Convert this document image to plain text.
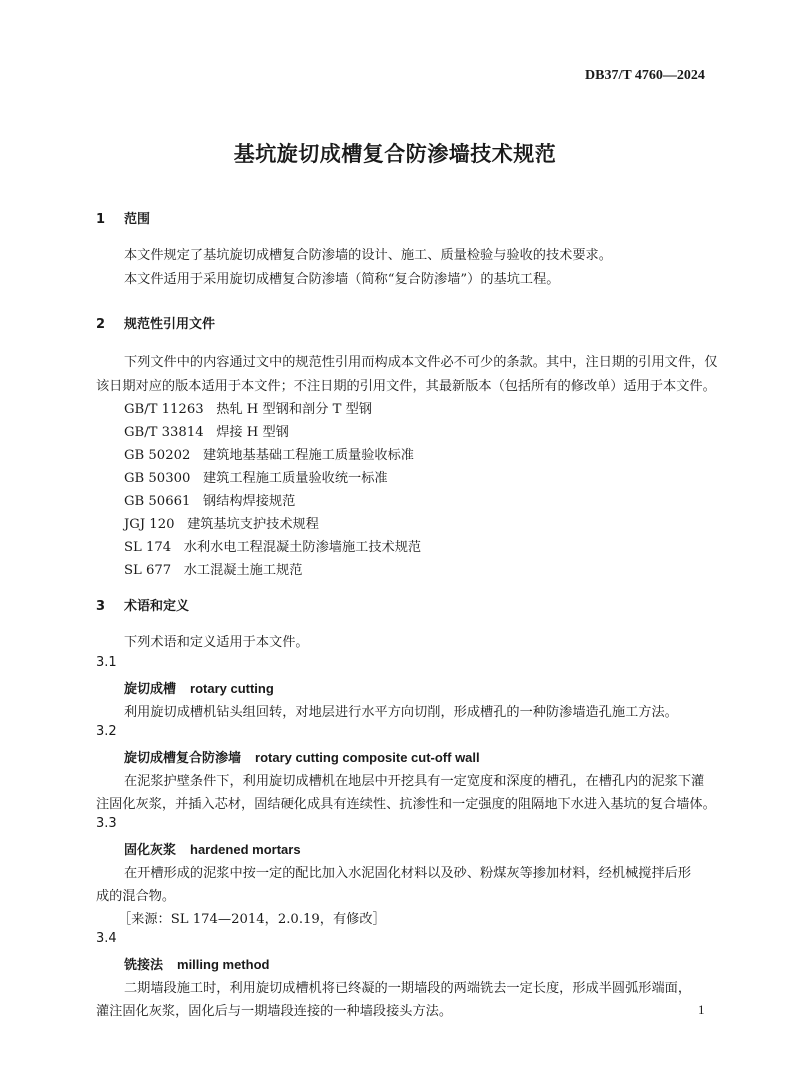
DB37/T 4760—2024
基坑旋切成槽复合防渗墙技术规范
1 范围
本文件规定了基坑旋切成槽复合防渗墙的设计、施工、质量检验与验收的技术要求。
本文件适用于采用旋切成槽复合防渗墙（简称“复合防渗墙”）的基坑工程。
2 规范性引用文件
下列文件中的内容通过文中的规范性引用而构成本文件必不可少的条款。其中，注日期的引用文件，仅
该日期对应的版本适用于本文件；不注日期的引用文件，其最新版本（包括所有的修改单）适用于本文件。
GB/T 11263 热轧 H 型钢和剖分 T 型钢
GB/T 33814 焊接 H 型钢
GB 50202 建筑地基基础工程施工质量验收标准
GB 50300 建筑工程施工质量验收统一标准
GB 50661 钢结构焊接规范
JGJ 120 建筑基坑支护技术规程
SL 174 水利水电工程混凝土防渗墙施工技术规范
SL 677 水工混凝土施工规范
3 术语和定义
下列术语和定义适用于本文件。
3.1
旋切成槽 rotary cutting
利用旋切成槽机钻头组回转，对地层进行水平方向切削，形成槽孔的一种防渗墙造孔施工方法。
3.2
旋切成槽复合防渗墙 rotary cutting composite cut-off wall
在泥浆护壁条件下，利用旋切成槽机在地层中开挖具有一定宽度和深度的槽孔，在槽孔内的泥浆下灌
注固化灰浆，并插入芯材，固结硬化成具有连续性、抗渗性和一定强度的阻隔地下水进入基坑的复合墙体。
3.3
固化灰浆 hardened mortars
在开槽形成的泥浆中按一定的配比加入水泥固化材料以及砂、粉煤灰等掺加材料，经机械搅拌后形
成的混合物。
［来源：SL 174—2014，2.0.19，有修改］
3.4
铣接法 milling method
二期墙段施工时，利用旋切成槽机将已终凝的一期墙段的两端铣去一定长度，形成半圆弧形端面，
灌注固化灰浆，固化后与一期墙段连接的一种墙段接头方法。	1
